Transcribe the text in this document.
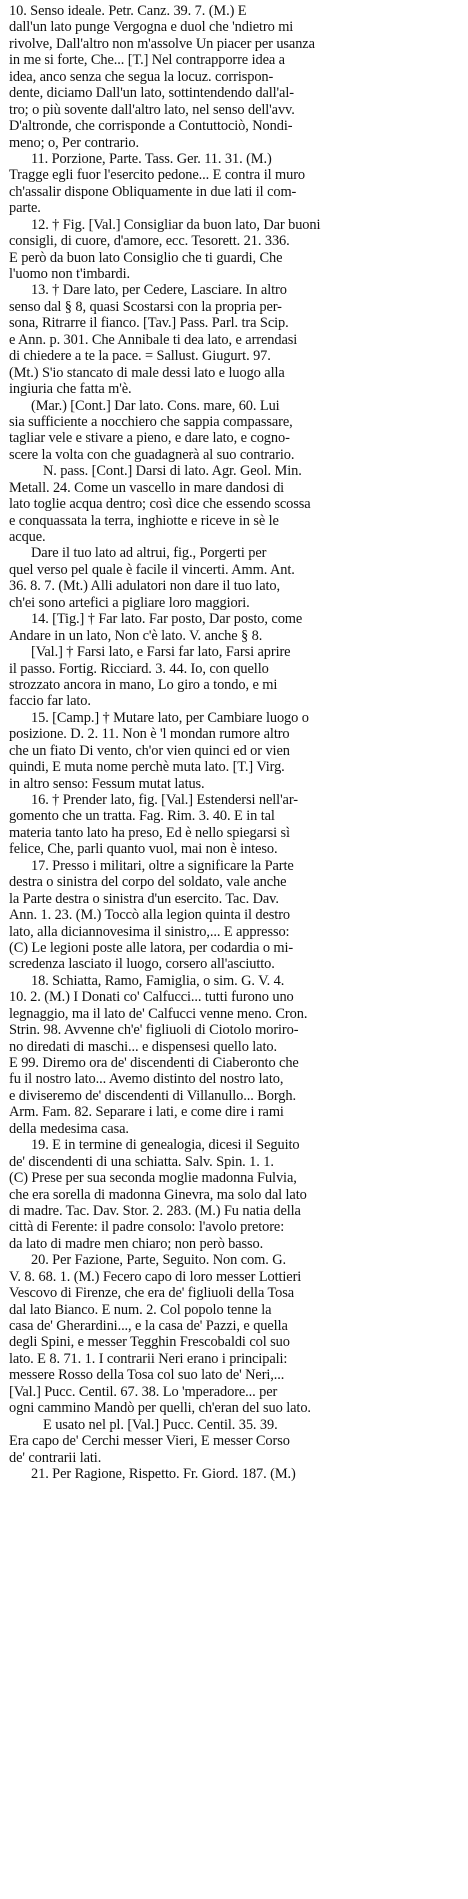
10. Senso ideale. Petr. Canz. 39. 7. (M.) E
dall'un lato punge Vergogna e duol che 'ndietro mi
rivolve, Dall'altro non m'assolve Un piacer per usanza
in me si forte, Che... [T.] Nel contrapporre idea a
idea, anco senza che segua la locuz. corrispon-
dente, diciamo Dall'un lato, sottintendendo dall'al-
tro; o più sovente dall'altro lato, nel senso dell'avv.
D'altronde, che corrisponde a Contuttociò, Nondi-
meno; o, Per contrario.
11. Porzione, Parte. Tass. Ger. 11. 31. (M.)
Tragge egli fuor l'esercito pedone... E contra il muro
ch'assalir dispone Obliquamente in due lati il com-
parte.
12. † Fig. [Val.] Consigliar da buon lato, Dar buoni
consigli, di cuore, d'amore, ecc. Tesorett. 21. 336.
E però da buon lato Consiglio che ti guardi, Che
l'uomo non t'imbardi.
13. † Dare lato, per Cedere, Lasciare. In altro
senso dal § 8, quasi Scostarsi con la propria per-
sona, Ritrarre il fianco. [Tav.] Pass. Parl. tra Scip.
e Ann. p. 301. Che Annibale ti dea lato, e arrendasi
di chiedere a te la pace. = Sallust. Giugurt. 97.
(Mt.) S'io stancato di male dessi lato e luogo alla
ingiuria che fatta m'è.
(Mar.) [Cont.] Dar lato. Cons. mare, 60. Lui
sia sufficiente a nocchiero che sappia compassare,
tagliar vele e stivare a pieno, e dare lato, e cogno-
scere la volta con che guadagnerà al suo contrario.
N. pass. [Cont.] Darsi di lato. Agr. Geol. Min.
Metall. 24. Come un vascello in mare dandosi di
lato toglie acqua dentro; così dice che essendo scossa
e conquassata la terra, inghiotte e riceve in sè le
acque.
Dare il tuo lato ad altrui, fig., Porgerti per
quel verso pel quale è facile il vincerti. Amm. Ant.
36. 8. 7. (Mt.) Alli adulatori non dare il tuo lato,
ch'ei sono artefici a pigliare loro maggiori.
14. [Tig.] † Far lato. Far posto, Dar posto, come
Andare in un lato, Non c'è lato. V. anche § 8.
[Val.] † Farsi lato, e Farsi far lato, Farsi aprire
il passo. Fortig. Ricciard. 3. 44. Io, con quello
strozzato ancora in mano, Lo giro a tondo, e mi
faccio far lato.
15. [Camp.] † Mutare lato, per Cambiare luogo o
posizione. D. 2. 11. Non è 'l mondan rumore altro
che un fiato Di vento, ch'or vien quinci ed or vien
quindi, E muta nome perchè muta lato. [T.] Virg.
in altro senso: Fessum mutat latus.
16. † Prender lato, fig. [Val.] Estendersi nell'ar-
gomento che un tratta. Fag. Rim. 3. 40. E in tal
materia tanto lato ha preso, Ed è nello spiegarsi sì
felice, Che, parli quanto vuol, mai non è inteso.
17. Presso i militari, oltre a significare la Parte
destra o sinistra del corpo del soldato, vale anche
la Parte destra o sinistra d'un esercito. Tac. Dav.
Ann. 1. 23. (M.) Toccò alla legion quinta il destro
lato, alla diciannovesima il sinistro,... E appresso:
(C) Le legioni poste alle latora, per codardia o mi-
scredenza lasciato il luogo, corsero all'asciutto.
18. Schiatta, Ramo, Famiglia, o sim. G. V. 4.
10. 2. (M.) I Donati co' Calfucci... tutti furono uno
legnaggio, ma il lato de' Calfucci venne meno. Cron.
Strin. 98. Avvenne ch'e' figliuoli di Ciotolo moriro-
no diredati di maschi... e dispensesi quello lato.
E 99. Diremo ora de' discendenti di Ciaberonto che
fu il nostro lato... Avemo distinto del nostro lato,
e diviseremo de' discendenti di Villanullo... Borgh.
Arm. Fam. 82. Separare i lati, e come dire i rami
della medesima casa.
19. E in termine di genealogia, dicesi il Seguito
de' discendenti di una schiatta. Salv. Spin. 1. 1.
(C) Prese per sua seconda moglie madonna Fulvia,
che era sorella di madonna Ginevra, ma solo dal lato
di madre. Tac. Dav. Stor. 2. 283. (M.) Fu natia della
città di Ferente: il padre consolo: l'avolo pretore:
da lato di madre men chiaro; non però basso.
20. Per Fazione, Parte, Seguito. Non com. G.
V. 8. 68. 1. (M.) Fecero capo di loro messer Lottieri
Vescovo di Firenze, che era de' figliuoli della Tosa
dal lato Bianco. E num. 2. Col popolo tenne la
casa de' Gherardini..., e la casa de' Pazzi, e quella
degli Spini, e messer Tegghin Frescobaldi col suo
lato. E 8. 71. 1. I contrarii Neri erano i principali:
messere Rosso della Tosa col suo lato de' Neri,...
[Val.] Pucc. Centil. 67. 38. Lo 'mperadore... per
ogni cammino Mandò per quelli, ch'eran del suo lato.
E usato nel pl. [Val.] Pucc. Centil. 35. 39.
Era capo de' Cerchi messer Vieri, E messer Corso
de' contrarii lati.
21. Per Ragione, Rispetto. Fr. Giord. 187. (M.)
